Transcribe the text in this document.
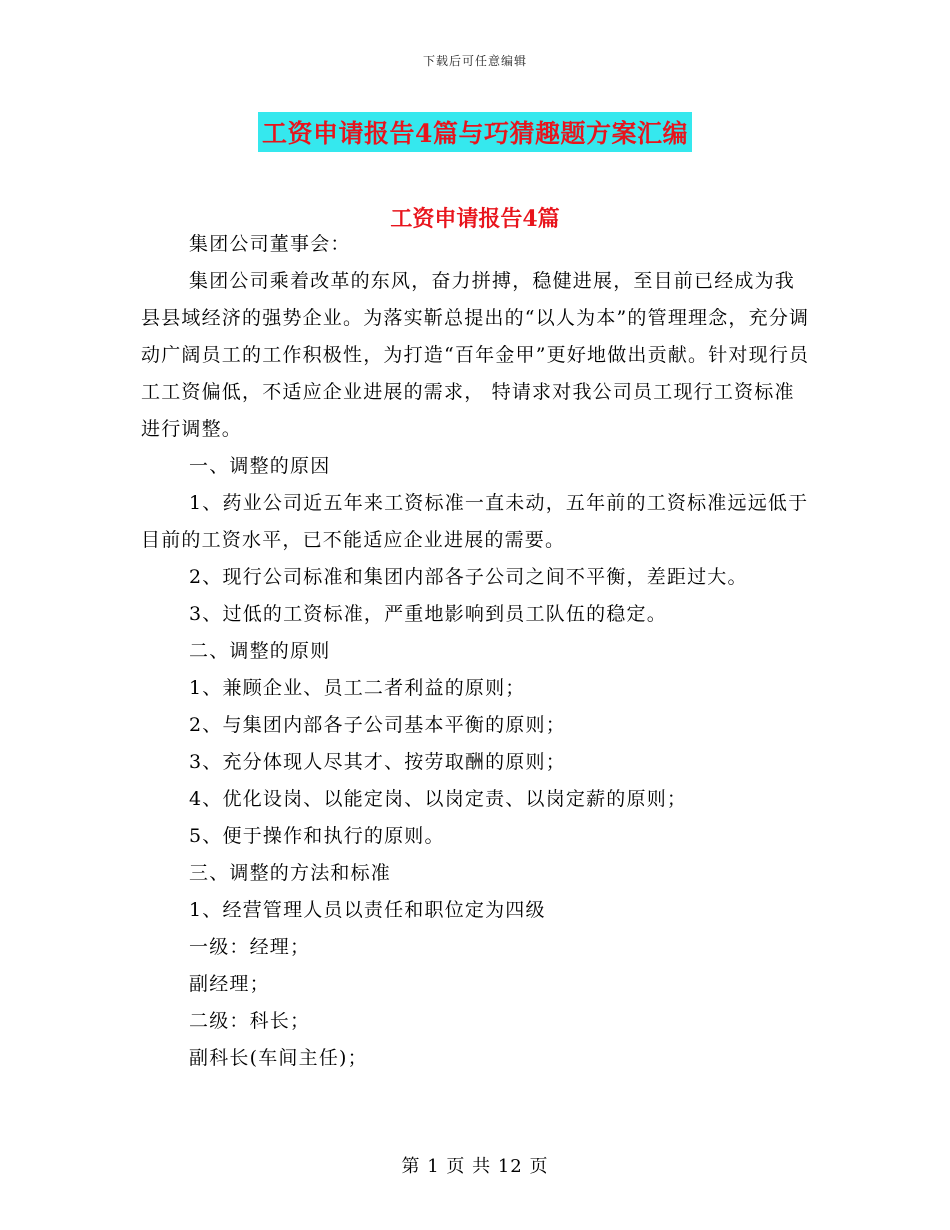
下载后可任意编辑
工资申请报告4篇与巧猜趣题方案汇编
工资申请报告4篇

集团公司董事会：

集团公司乘着改革的东风，奋力拼搏，稳健进展，至目前已经成为我县县域经济的强势企业。为落实靳总提出的“以人为本”的管理理念，充分调动广阔员工的工作积极性，为打造“百年金甲”更好地做出贡献。针对现行员工工资偏低，不适应企业进展的需求， 特请求对我公司员工现行工资标准进行调整。

一、调整的原因

1、药业公司近五年来工资标准一直未动，五年前的工资标准远远低于目前的工资水平，已不能适应企业进展的需要。

2、现行公司标准和集团内部各子公司之间不平衡，差距过大。

3、过低的工资标准，严重地影响到员工队伍的稳定。

二、调整的原则

1、兼顾企业、员工二者利益的原则；

2、与集团内部各子公司基本平衡的原则；

3、充分体现人尽其才、按劳取酬的原则；

4、优化设岗、以能定岗、以岗定责、以岗定薪的原则；

5、便于操作和执行的原则。

三、调整的方法和标准

1、经营管理人员以责任和职位定为四级

一级：经理；

副经理；

二级：科长；

副科长(车间主任)；

第 1 页 共 12 页
